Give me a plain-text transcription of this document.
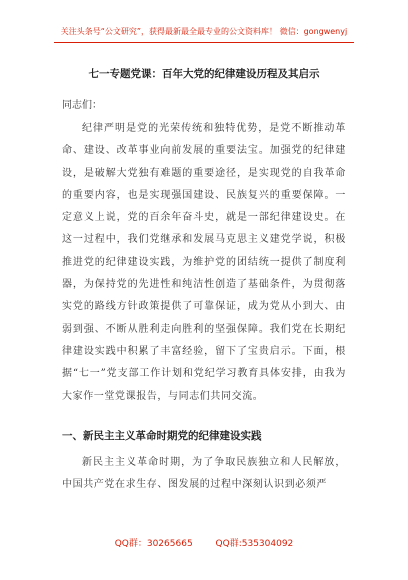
关注头条号“公文研究”，获得最新最全最专业的公文资料库！ 微信：gongwenyj
七一专题党课：百年大党的纪律建设历程及其启示
同志们：

纪律严明是党的光荣传统和独特优势，是党不断推动革命、建设、改革事业向前发展的重要法宝。加强党的纪律建设，是破解大党独有难题的重要途径，是实现党的自我革命的重要内容，也是实现强国建设、民族复兴的重要保障。一定意义上说，党的百余年奋斗史，就是一部纪律建设史。在这一过程中，我们党继承和发展马克思主义建党学说，积极推进党的纪律建设实践，为维护党的团结统一提供了制度利器，为保持党的先进性和纯洁性创造了基础条件，为贯彻落实党的路线方针政策提供了可靠保证，成为党从小到大、由弱到强、不断从胜利走向胜利的坚强保障。我们党在长期纪律建设实践中积累了丰富经验，留下了宝贵启示。下面，根据“七一”党支部工作计划和党纪学习教育具体安排，由我为大家作一堂党课报告，与同志们共同交流。

一、新民主主义革命时期党的纪律建设实践

新民主主义革命时期，为了争取民族独立和人民解放，中国共产党在求生存、图发展的过程中深刻认识到必须严

QQ群：30265665        QQ群:535304092
